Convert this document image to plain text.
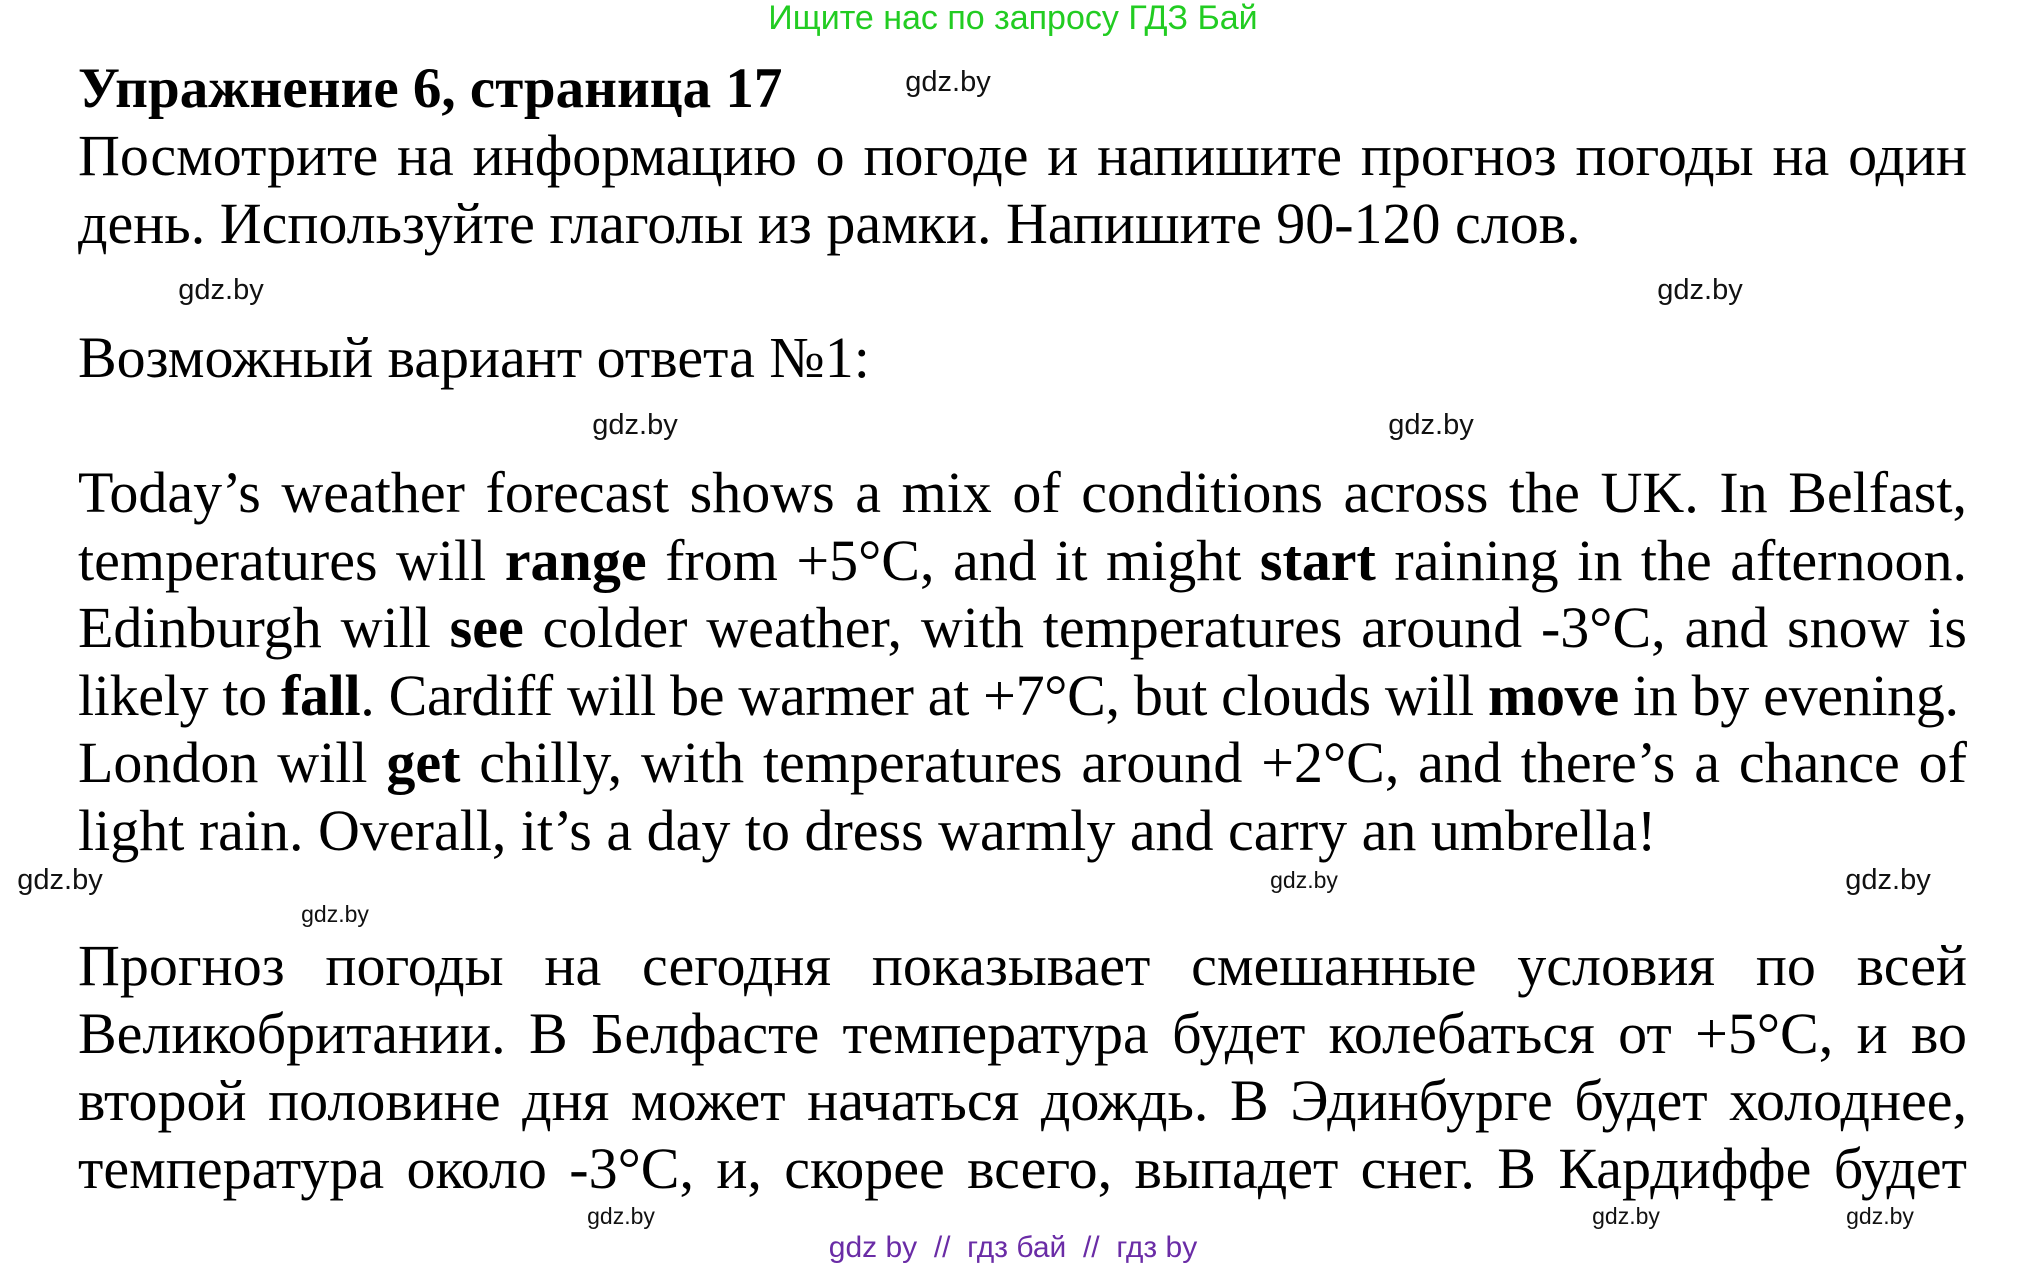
Ищите нас по запросу ГДЗ Бай
Упражнение 6, страница 17
Посмотрите на информацию о погоде и напишите прогноз погоды на один
день. Используйте глаголы из рамки. Напишите 90-120 слов.
Возможный вариант ответа №1:
Today’s weather forecast shows a mix of conditions across the UK. In Belfast,
temperatures will range from +5°C, and it might start raining in the afternoon.
Edinburgh will see colder weather, with temperatures around -3°C, and snow is
likely to fall. Cardiff will be warmer at +7°C, but clouds will move in by evening.
London will get chilly, with temperatures around +2°C, and there’s a chance of
light rain. Overall, it’s a day to dress warmly and carry an umbrella!
Прогноз погоды на сегодня показывает смешанные условия по всей
Великобритании. В Белфасте температура будет колебаться от +5°C, и во
второй половине дня может начаться дождь. В Эдинбурге будет холоднее,
температура около -3°C, и, скорее всего, выпадет снег. В Кардиффе будет
gdz.by
gdz.by
gdz.by
gdz.by
gdz.by
gdz.by	gdz.by
gdz.by
gdz.by
gdz.by
gdz.by	gdz.by
gdz by  //  гдз бай  //  гдз by
